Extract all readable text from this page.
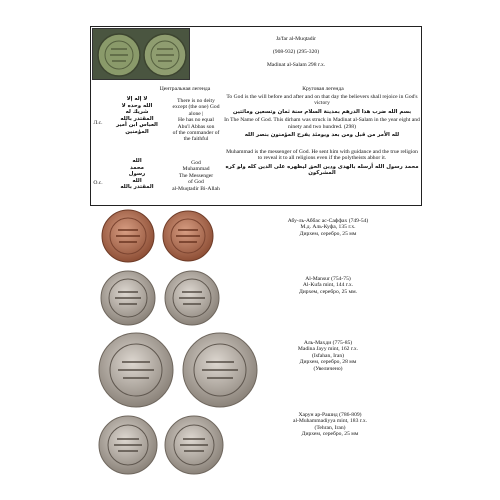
Ja'far al-Muqtadir

(908-932) (295-320)

Madinat al-Salam 298 г.х.

Центральная легенда	Круговая легенда
Л.с.
لا إله إلا
الله وحده لا
شريك له
المقتدر بالله
العباس ابن أمير
المؤمنين
There is no deity
except (the one) God alone |
He has no equal
Abu'l Abbas son
of the commander of
the faithful
О.с.
الله
محمد
رسول
الله
المقتدر بالله
God
Muhammad
The Messenger
of God
al-Muqtadir Bi-Allah
To God is the will before and after and on that day the believers shall rejoice in God's victory
بسم الله ضرب هذا الدرهم بمدينة السلام سنة ثمان وتسعين ومائتين
In The Name of God. This dirham was struck in Madinat al-Salam in the year eight and ninety and two hundred. (298)
لله الأمر من قبل ومن بعد ويومئذ يفرح المؤمنون بنصر الله
Muhammad is the messenger of God. He sent him with guidance and the true religion to reveal it to all religions even if the polytheists abhor it.
محمد رسول الله أرسله بالهدى ودين الحق ليظهره على الدين كله ولو كره المشركون
Абу-ль-Аббас ас-Саффах (749-54)
М.д. Аль-Куфа, 135 г.х.
Дирхем, серебро, 25 мм
Al-Mansur (754-75)
Al-Kufa mint, 144 г.х.
Дирхем, серебро, 25 мм.
Аль-Махди (775-85)
Madina Jayy mint, 162 г.х.
(Isfahan, Iran)
Дирхем, серебро, 28 мм
(Увеличено)
Харун ар-Рашид (786-809)
al-Muhammadiyya mint, 183 г.х.
(Tehran, Iran)
Дирхем, серебро, 25 мм
